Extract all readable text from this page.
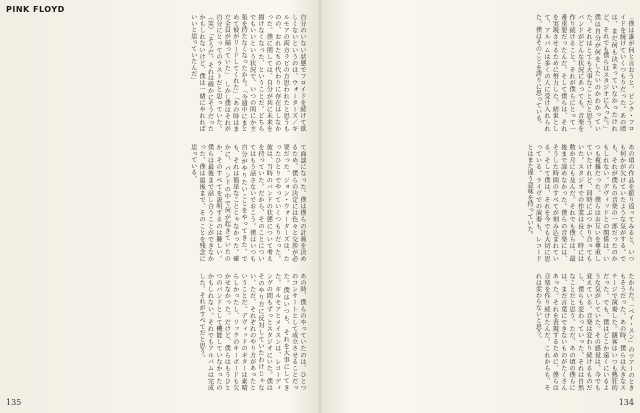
PINK FLOYD

自分のいない状態でフロイドを続けて欲しくないというのは、ウォーターズ／ギルモアの両方ラビの方思われたと思うものの、おれたちの代わりに存在はしなかった。僕に関しては、自分が共に未来を描けなくなった、ということだ。どちらでもいいという状況で、いつの間にか主張を持たなくなったから。「今週中にまとめて彼がリードしてくれた」「あの時はまだ全員が揃っていた」　しかし僕はそれが自分にとってのラストだと思っていた。（笑）「そうだ。それは確かにそうだったかもしれないけど、僕は一緒にやれればいいと思っていたんだ」

て面談になった。僕は僕らの計画を決めるため、僕らの決定には色々と交渉が必要だった。ジョン・ウォーターズは、たったひとりでやっていくつもりだった。彼は、当時のバンドの状態について考えを持っていた。だから、そのことについてはもう話さないでおこう。僕はいつも自分がやりたいことをやってきた。でも、それは簡単なことじゃなかった。確かに、バンドの中で何が起きていたのか、そのすべてを説明するのは難しい。僕らは最後まで話し合うことができなかった。僕は最後まで、そのことを残念に思っている。

あの時、僕らのやっていたのは、ひとつのコンサートとして成立させることだった。僕はいつも、それを大事にしてきた。ギルモアとメイスンは、レコーディングの間もずっとスタジオにいた。僕はそのやり方に反対していたわけじゃない。ただ、それぞれのやり方があったということだ。デヴィッドのギターは素晴らしかったし、リックのキーボードも欠かせなかった。だけど、僕らはもうひとつのバンドとして機能していなかったのかもしれない。それでもアルバムは完成した。それがすべてだと思う。

135

「僕は誰が何と言おうと、ピンク・フロイドを続けていくつもりだった。あの頃は、まだ何も決まっていなかったけれど、それでも僕らはスタジオに入った。」僕は自分が何をしたいのかわかっていた。それはとても大事なことだと思う。バンドがどんな状況にあっても、音楽を作り続けること。それが僕らにとって一番重要だったんだ。そして僕らは、それを実現させるために努力した。結果として、アルバムは多くの人に受け入れられた。僕はそのことを誇りに思っている。

あの頃の作品を振り返ってみると、いつも何かが欠けていたような気がする。でも、それが僕らの音楽の一部だったのかもしれない。デヴィッドとの関係は、いつも複雑だった。僕らはお互いを尊重していたけれど、同時にぶつかり合ってもいた。スタジオでの作業は長く、時には数か月にも及んだ。それでも僕らは、最後まで諦めなかった。僕らの音楽には、そうした時間のすべてが刻み込まれている。そして僕は、それを今でも大切に思っている。ライヴでの演奏も、レコードとはまた違う意味を持っていた。

たからだ。「ベイ・スン」のツアーのときもそうだった。あの時、僕らは大きなステージで演奏した。観客はいつも熱狂的だった。でも、僕はどこか遠くにいるような気がしていた。その感覚は、今でも覚えている。音楽は変わり続けるものだし、僕らも変わっていった。それは自然なことだと思う。ただ、あの頃の僕らには、まだ言葉にできないものがたくさんあった。それを表現するために、僕らは音楽を作り続けたんだ。これからも、それは変わらないと思う。

134
